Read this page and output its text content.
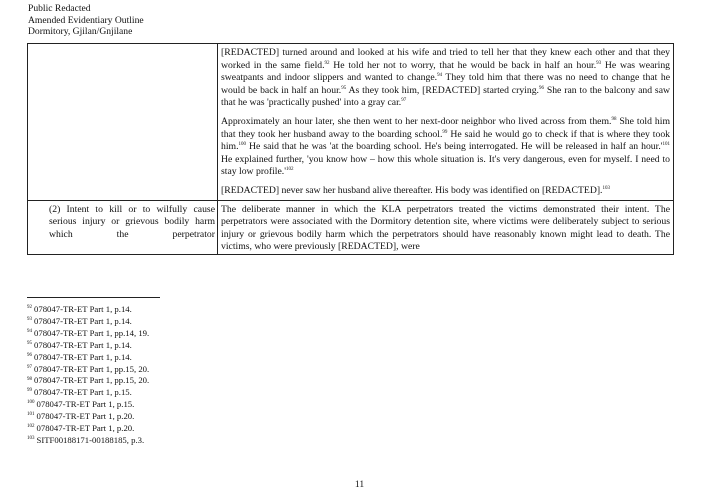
Public Redacted
Amended Evidentiary Outline
Dormitory, Gjilan/Gnjilane

	[REDACTED] turned around and looked at his wife and tried to tell her that they knew each other and that they worked in the same field.$^{92}$ He told her not to worry, that he would be back in half an hour.$^{93}$ He was wearing sweatpants and indoor slippers and wanted to change.$^{94}$ They told him that there was no need to change that he would be back in half an hour.$^{95}$ As they took him, [REDACTED] started crying.$^{96}$ She ran to the balcony and saw that he was 'practically pushed' into a gray car.$^{97}$

Approximately an hour later, she then went to her next-door neighbor who lived across from them.$^{98}$ She told him that they took her husband away to the boarding school.$^{99}$ He said he would go to check if that is where they took him.$^{100}$ He said that he was 'at the boarding school. He's being interrogated. He will be released in half an $hour.'^{101}$ He explained further, 'you know how – how this whole situation is. It's very dangerous, even for myself. I need to stay low $profile.'^{102}$

[REDACTED] never saw her husband alive thereafter. His body was identified on [REDACTED].$^{103}$

(2) Intent to kill or to wilfully cause serious injury or grievous bodily harm which the perpetrator	The deliberate manner in which the KLA perpetrators treated the victims demonstrated their intent. The perpetrators were associated with the Dormitory detention site, where victims were deliberately subject to serious injury or grievous bodily harm which the perpetrators should have reasonably known might lead to death. The victims, who were previously [REDACTED], were

$^{92}$ 078047-TR-ET Part 1, p.14.
$^{93}$ 078047-TR-ET Part 1, p.14.
$^{94}$ 078047-TR-ET Part 1, pp.14, 19.
$^{95}$ 078047-TR-ET Part 1, p.14.
$^{96}$ 078047-TR-ET Part 1, p.14.
$^{97}$ 078047-TR-ET Part 1, pp.15, 20.
$^{98}$ 078047-TR-ET Part 1, pp.15, 20.
$^{99}$ 078047-TR-ET Part 1, p.15.
$^{100}$ 078047-TR-ET Part 1, p.15.
$^{101}$ 078047-TR-ET Part 1, p.20.
$^{102}$ 078047-TR-ET Part 1, p.20.
$^{103}$ SITF00188171-00188185, p.3.
11
